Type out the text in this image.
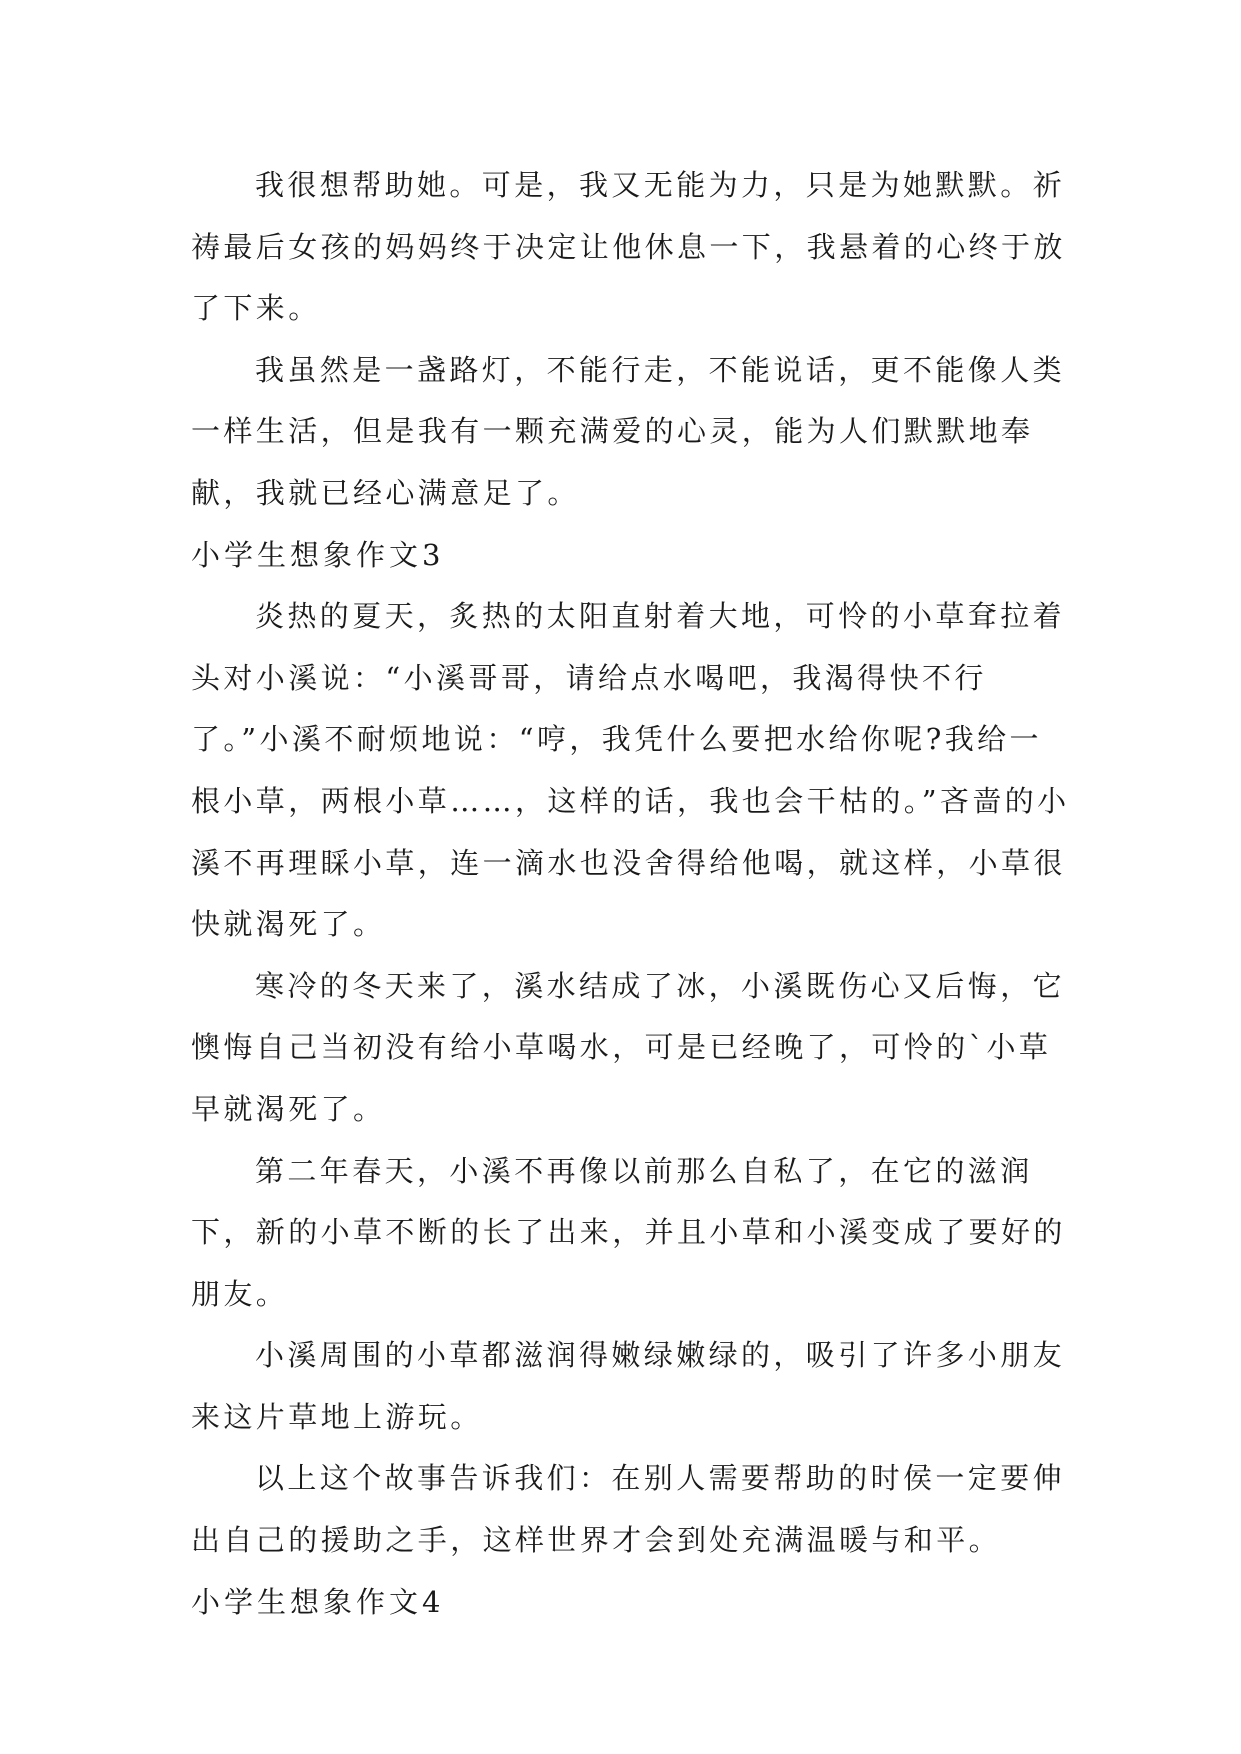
我很想帮助她。可是，我又无能为力，只是为她默默。祈祷最后女孩的妈妈终于决定让他休息一下，我悬着的心终于放了下来。

我虽然是一盏路灯，不能行走，不能说话，更不能像人类一样生活，但是我有一颗充满爱的心灵，能为人们默默地奉献，我就已经心满意足了。

小学生想象作文3

炎热的夏天，炙热的太阳直射着大地，可怜的小草耷拉着头对小溪说：“小溪哥哥，请给点水喝吧，我渴得快不行了。”小溪不耐烦地说：“哼，我凭什么要把水给你呢?我给一根小草，两根小草……，这样的话，我也会干枯的。”吝啬的小溪不再理睬小草，连一滴水也没舍得给他喝，就这样，小草很快就渴死了。

寒冷的冬天来了，溪水结成了冰，小溪既伤心又后悔，它懊悔自己当初没有给小草喝水，可是已经晚了，可怜的`小草早就渴死了。

第二年春天，小溪不再像以前那么自私了，在它的滋润下，新的小草不断的长了出来，并且小草和小溪变成了要好的朋友。

小溪周围的小草都滋润得嫩绿嫩绿的，吸引了许多小朋友来这片草地上游玩。

以上这个故事告诉我们：在别人需要帮助的时侯一定要伸出自己的援助之手，这样世界才会到处充满温暖与和平。

小学生想象作文4
